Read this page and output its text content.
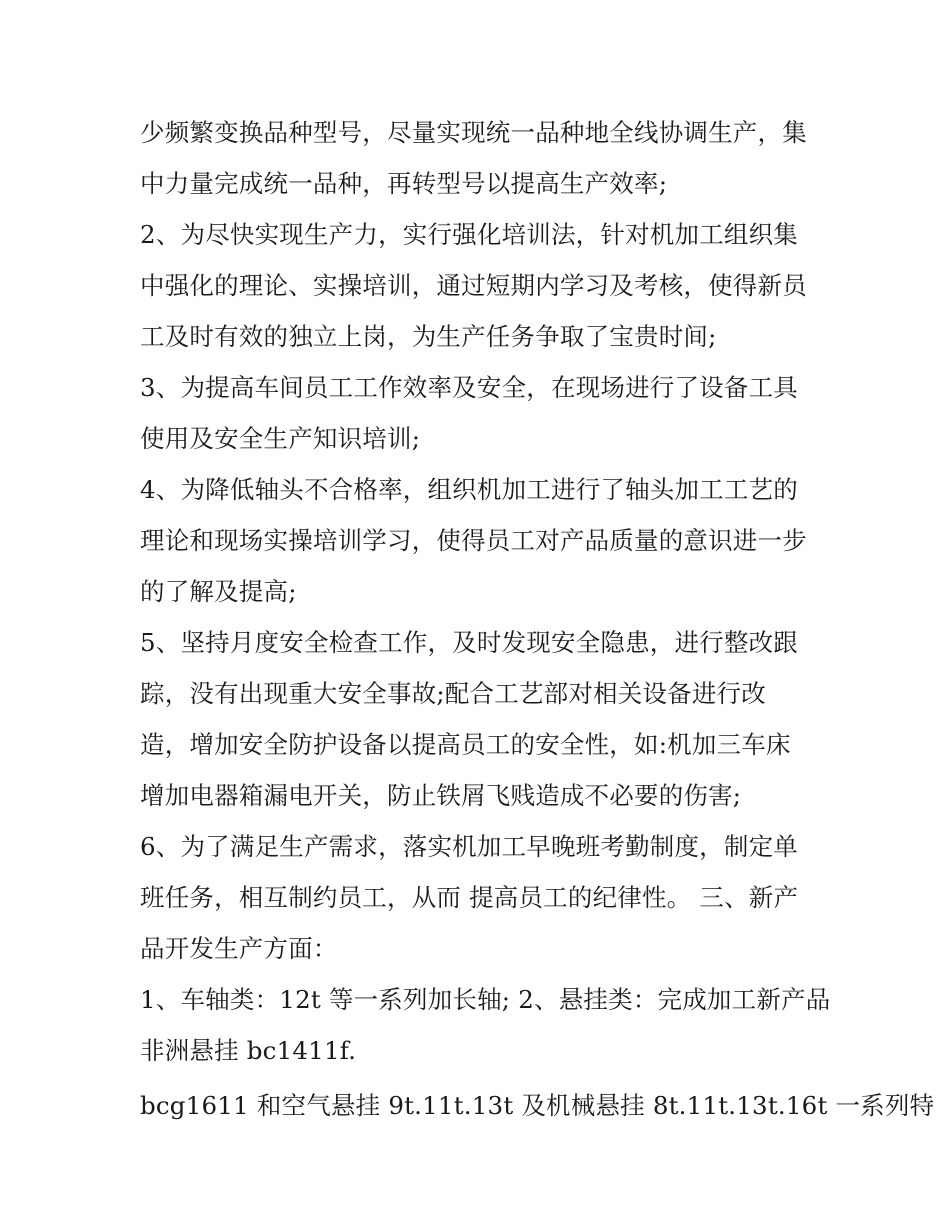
少频繁变换品种型号，尽量实现统一品种地全线协调生产，集
中力量完成统一品种，再转型号以提高生产效率;
2、为尽快实现生产力，实行强化培训法，针对机加工组织集
中强化的理论、实操培训，通过短期内学习及考核，使得新员
工及时有效的独立上岗，为生产任务争取了宝贵时间;
3、为提高车间员工工作效率及安全，在现场进行了设备工具
使用及安全生产知识培训;
4、为降低轴头不合格率，组织机加工进行了轴头加工工艺的
理论和现场实操培训学习，使得员工对产品质量的意识进一步
的了解及提高;
5、坚持月度安全检查工作，及时发现安全隐患，进行整改跟
踪，没有出现重大安全事故;配合工艺部对相关设备进行改
造，增加安全防护设备以提高员工的安全性，如:机加三车床
增加电器箱漏电开关，防止铁屑飞贱造成不必要的伤害;
6、为了满足生产需求，落实机加工早晚班考勤制度，制定单
班任务，相互制约员工，从而 提高员工的纪律性。 三、新产
品开发生产方面：
1、车轴类：12t 等一系列加长轴; 2、悬挂类：完成加工新产品
非洲悬挂 bc1411f.
bcg1611 和空气悬挂 9t.11t.13t 及机械悬挂 8t.11t.13t.16t 一系列特
